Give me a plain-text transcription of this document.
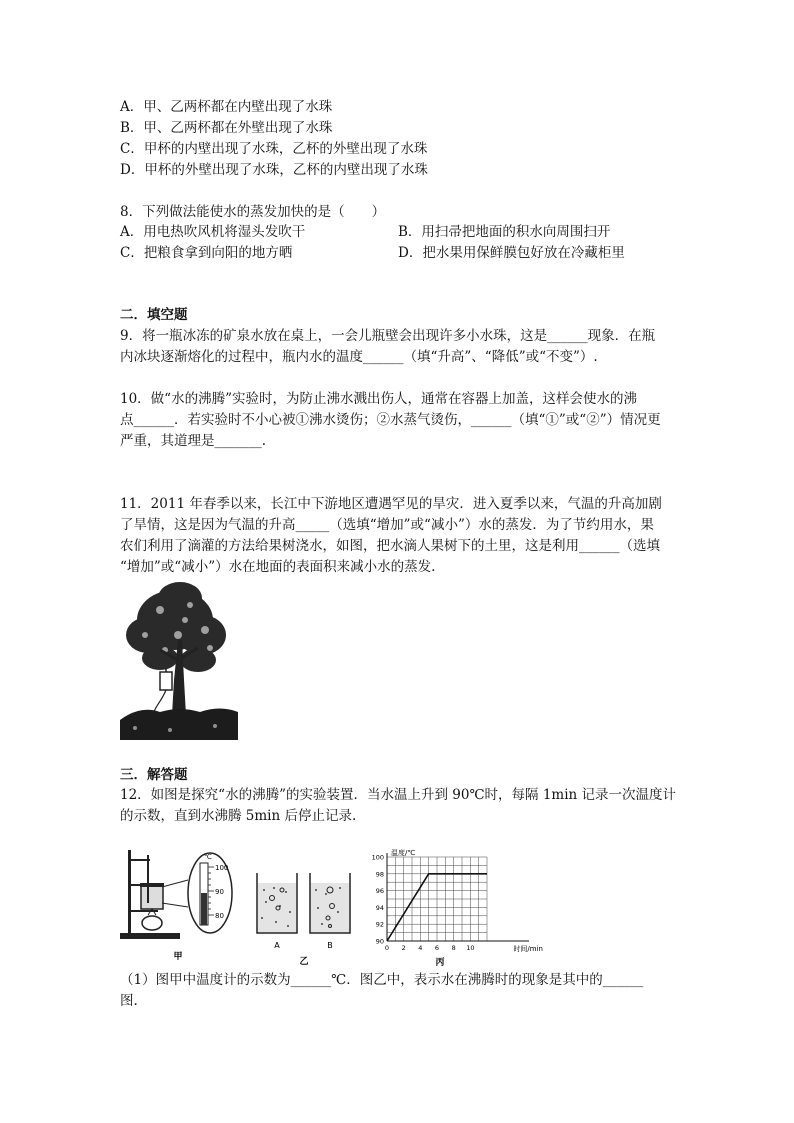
A．甲、乙两杯都在内壁出现了水珠
B．甲、乙两杯都在外壁出现了水珠
C．甲杯的内壁出现了水珠，乙杯的外壁出现了水珠
D．甲杯的外壁出现了水珠，乙杯的内壁出现了水珠
8．下列做法能使水的蒸发加快的是（　　）
A．用电热吹风机将湿头发吹干	B．用扫帚把地面的积水向周围扫开
C．把粮食拿到向阳的地方晒	D．把水果用保鲜膜包好放在冷藏柜里
二．填空题
9．将一瓶冰冻的矿泉水放在桌上，一会儿瓶壁会出现许多小水珠，这是______现象．在瓶
内冰块逐渐熔化的过程中，瓶内水的温度______（填“升高”、“降低”或“不变”）.
10．做“水的沸腾”实验时，为防止沸水溅出伤人，通常在容器上加盖，这样会使水的沸
点______．若实验时不小心被①沸水烫伤；②水蒸气烫伤，______（填“①”或“②”）情况更
严重，其道理是_______.
11．2011 年春季以来，长江中下游地区遭遇罕见的旱灾．进入夏季以来，气温的升高加剧
了旱情，这是因为气温的升高_____（选填“增加”或“减小”）水的蒸发．为了节约用水，果
农们利用了滴灌的方法给果树浇水，如图，把水滴人果树下的土里，这是利用______（选填
“增加”或“减小”）水在地面的表面积来减小水的蒸发.
三．解答题
12．如图是探究“水的沸腾”的实验装置．当水温上升到 90℃时，每隔 1min 记录一次温度计
的示数，直到水沸腾 5min 后停止记录.
℃
100
90
80
甲
A	B
乙
温度/℃
90
92
94
96
98
100
0 2 4 6 8 10	时间/min
丙
（1）图甲中温度计的示数为______℃．图乙中，表示水在沸腾时的现象是其中的______
图.
